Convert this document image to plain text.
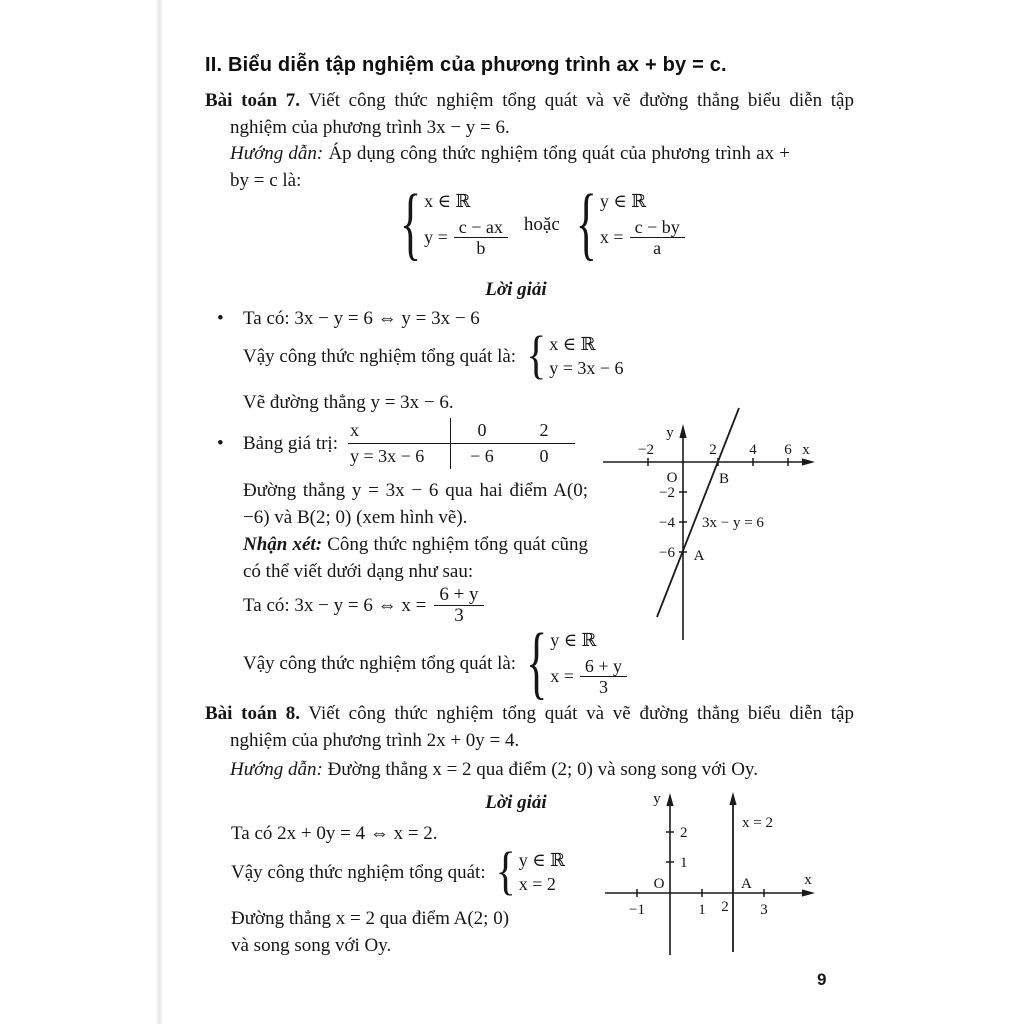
II. Biểu diễn tập nghiệm của phương trình ax + by = c.

Bài toán 7. Viết công thức nghiệm tổng quát và vẽ đường thẳng biểu diễn tập nghiệm của phương trình 3x − y = 6.

Hướng dẫn: Áp dụng công thức nghiệm tổng quát của phương trình ax + by = c là:	{ x ∈ ℝ
$y = \frac{c - ax}{b}$ hoặc { y ∈ ℝ
$x = \frac{c - by}{a}$
Lời giải
•	Ta có: 3x − y = 6 ⇔ y = 3x − 6
Vậy công thức nghiệm tổng quát là: { x ∈ ℝ
y = 3x − 6
Vẽ đường thẳng y = 3x − 6.
•	Bảng giá trị:
x	0	2
y = 3x − 6	− 6	0

Đường thẳng y = 3x − 6 qua hai điểm A(0; −6) và B(2; 0) (xem hình vẽ).

Nhận xét: Công thức nghiệm tổng quát cũng có thể viết dưới dạng như sau:

Ta có: 3x − y = 6 ⇔ $x = \frac{6 + y}{3}$
Vậy công thức nghiệm tổng quát là: { y ∈ ℝ
$x = \frac{6 + y}{3}$
y
x
O
−2	2 4 6
−2
−4
−6
B
A
3x − y = 6

Bài toán 8. Viết công thức nghiệm tổng quát và vẽ đường thẳng biểu diễn tập nghiệm của phương trình 2x + 0y = 4.

Hướng dẫn: Đường thẳng x = 2 qua điểm (2; 0) và song song với Oy.

Lời giải
Ta có 2x + 0y = 4 ⇔ x = 2.
Vậy công thức nghiệm tổng quát: { y ∈ ℝ
x = 2
Đường thẳng x = 2 qua điểm A(2; 0)
và song song với Oy.
y
x
O
−1	1 2 3
1
2
A
x = 2
9
